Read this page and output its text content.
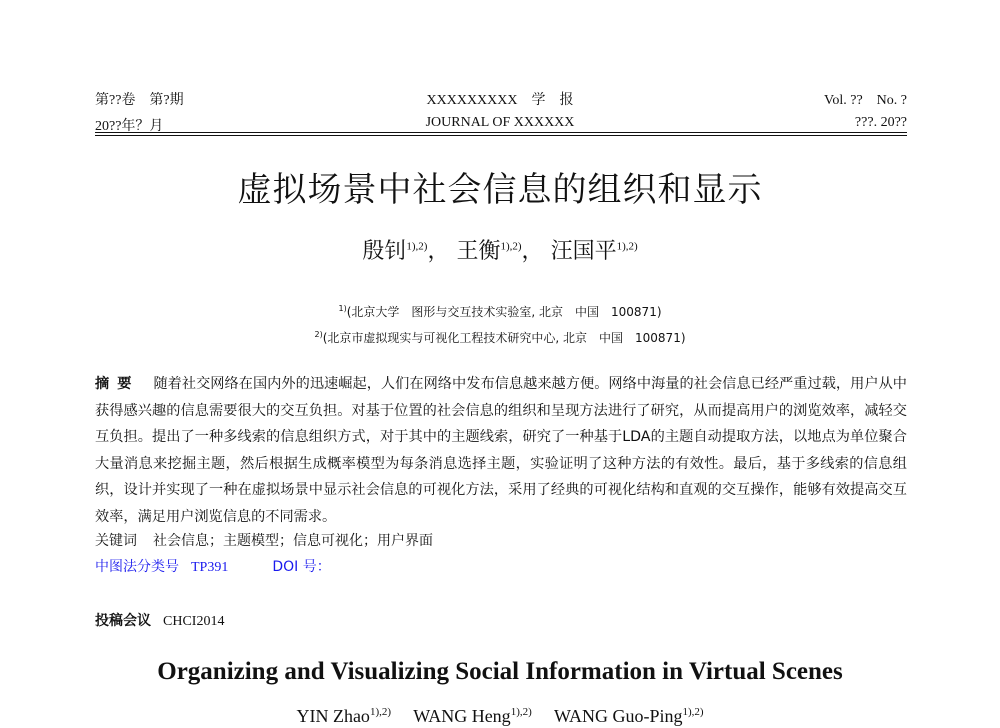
第??卷　第?期
20??年？月
XXXXXXXXX　学　报
JOURNAL OF XXXXXX
Vol. ??　No. ?
???. 20??
虚拟场景中社会信息的组织和显示
殷钊$^{1),2)}$， 王衡$^{1),2)}$， 汪国平$^{1),2)}$
$^{1)}$(北京大学　图形与交互技术实验室, 北京　中国　100871)
$^{2)}$(北京市虚拟现实与可视化工程技术研究中心, 北京　中国　100871)
摘要 随着社交网络在国内外的迅速崛起，人们在网络中发布信息越来越方便。网络中海量的社会信息已经严重过载，用户从中获得感兴趣的信息需要很大的交互负担。对基于位置的社会信息的组织和呈现方法进行了研究，从而提高用户的浏览效率，减轻交互负担。提出了一种多线索的信息组织方式，对于其中的主题线索，研究了一种基于LDA的主题自动提取方法，以地点为单位聚合大量消息来挖掘主题，然后根据生成概率模型为每条消息选择主题，实验证明了这种方法的有效性。最后，基于多线索的信息组织，设计并实现了一种在虚拟场景中显示社会信息的可视化方法，采用了经典的可视化结构和直观的交互操作，能够有效提高交互效率，满足用户浏览信息的不同需求。
关键词 社会信息；主题模型；信息可视化；用户界面
中图法分类号 TP391	DOI 号：
投稿会议 CHCI2014
Organizing and Visualizing Social Information in Virtual Scenes
YIN Zhao$^{1),2)}$　 WANG Heng$^{1),2)}$　 WANG Guo-Ping$^{1),2)}$
